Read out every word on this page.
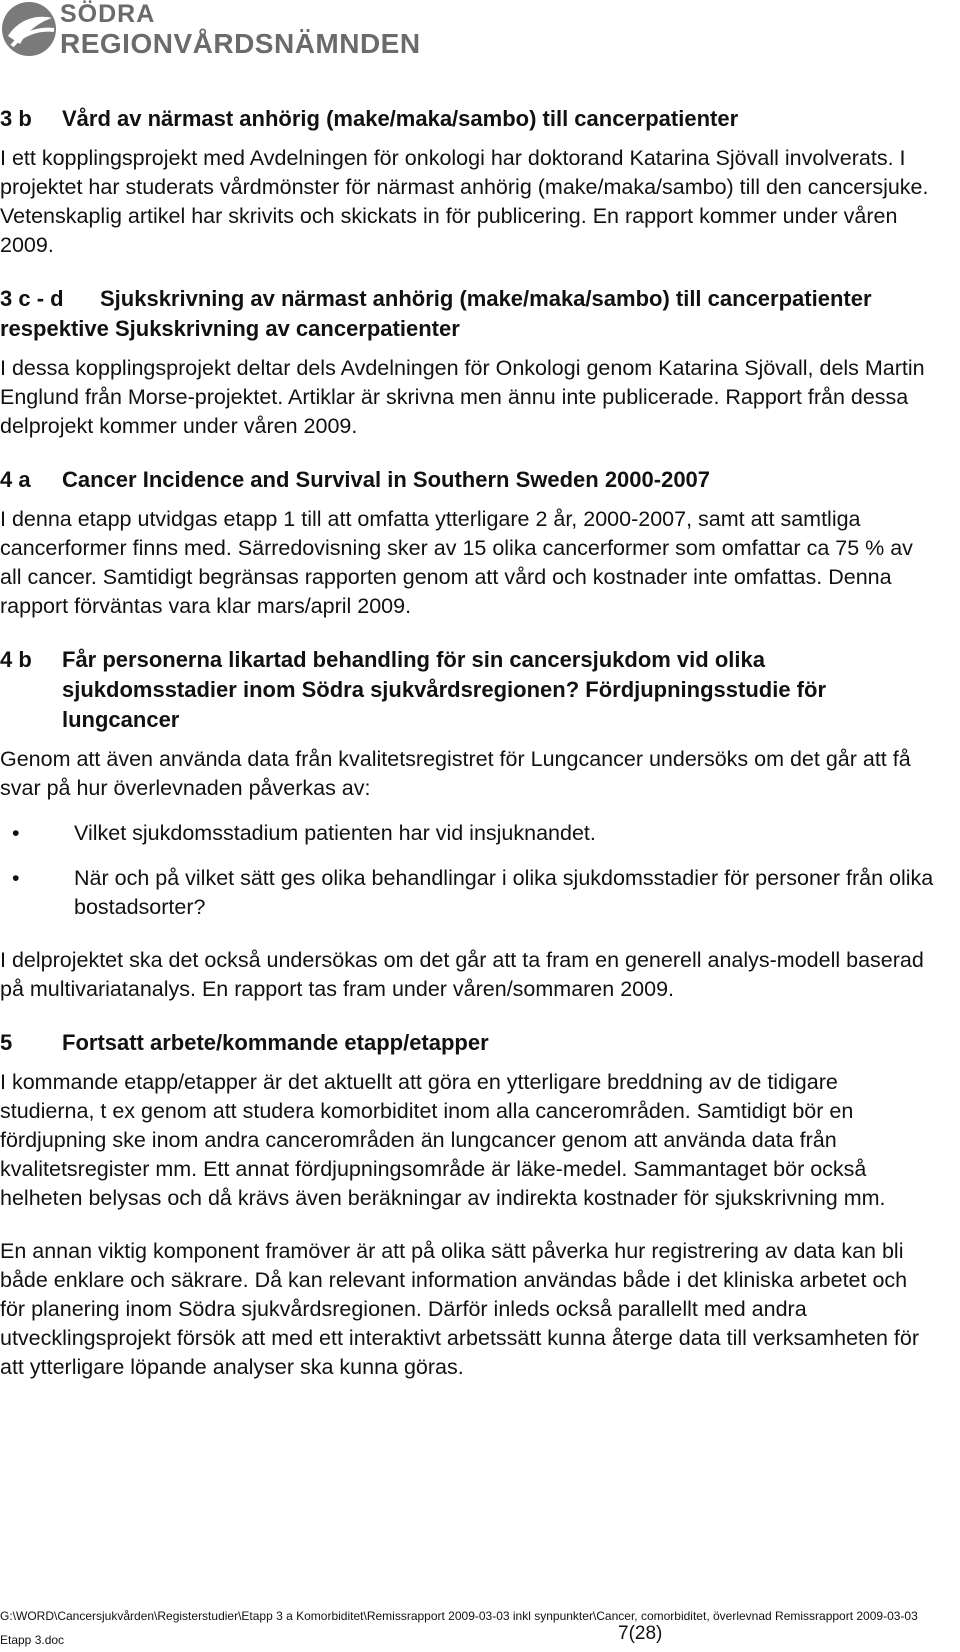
SÖDRA
REGIONVÅRDSNÄMNDEN
3 b	Vård av närmast anhörig (make/maka/sambo) till cancerpatienter

I ett kopplingsprojekt med Avdelningen för onkologi har doktorand Katarina Sjövall involverats. I projektet har studerats vårdmönster för närmast anhörig (make/maka/sambo) till den cancersjuke. Vetenskaplig artikel har skrivits och skickats in för publicering. En rapport kommer under våren 2009.

3 c - d	Sjukskrivning av närmast anhörig (make/maka/sambo) till cancerpatienter respektive Sjukskrivning av cancerpatienter

I dessa kopplingsprojekt deltar dels Avdelningen för Onkologi genom Katarina Sjövall, dels Martin Englund från Morse-projektet. Artiklar är skrivna men ännu inte publicerade. Rapport från dessa delprojekt kommer under våren 2009.

4 a	Cancer Incidence and Survival in Southern Sweden 2000-2007

I denna etapp utvidgas etapp 1 till att omfatta ytterligare 2 år, 2000-2007, samt att samtliga cancerformer finns med. Särredovisning sker av 15 olika cancerformer som omfattar ca 75 % av all cancer. Samtidigt begränsas rapporten genom att vård och kostnader inte omfattas. Denna rapport förväntas vara klar mars/april 2009.

4 b	Får personerna likartad behandling för sin cancersjukdom vid olika sjukdomsstadier inom Södra sjukvårdsregionen? Fördjupningsstudie för lungcancer

Genom att även använda data från kvalitetsregistret för Lungcancer undersöks om det går att få svar på hur överlevnaden påverkas av:

•	Vilket sjukdomsstadium patienten har vid insjuknandet.
•	När och på vilket sätt ges olika behandlingar i olika sjukdomsstadier för personer från olika bostadsorter?

I delprojektet ska det också undersökas om det går att ta fram en generell analys-modell baserad på multivariatanalys. En rapport tas fram under våren/sommaren 2009.

5	Fortsatt arbete/kommande etapp/etapper

I kommande etapp/etapper är det aktuellt att göra en ytterligare breddning av de tidigare studierna, t ex genom att studera komorbiditet inom alla cancerområden. Samtidigt bör en fördjupning ske inom andra cancerområden än lungcancer genom att använda data från kvalitetsregister mm. Ett annat fördjupningsområde är läke-medel. Sammantaget bör också helheten belysas och då krävs även beräkningar av indirekta kostnader för sjukskrivning mm.

En annan viktig komponent framöver är att på olika sätt påverka hur registrering av data kan bli både enklare och säkrare. Då kan relevant information användas både i det kliniska arbetet och för planering inom Södra sjukvårdsregionen. Därför inleds också parallellt med andra utvecklingsprojekt försök att med ett interaktivt arbetssätt kunna återge data till verksamheten för att ytterligare löpande analyser ska kunna göras.

G:\WORD\Cancersjukvården\Registerstudier\Etapp 3 a Komorbiditet\Remissrapport 2009-03-03 inkl synpunkter\Cancer, comorbiditet, överlevnad Remissrapport 2009-03-03 Etapp 3.doc	7(28)
